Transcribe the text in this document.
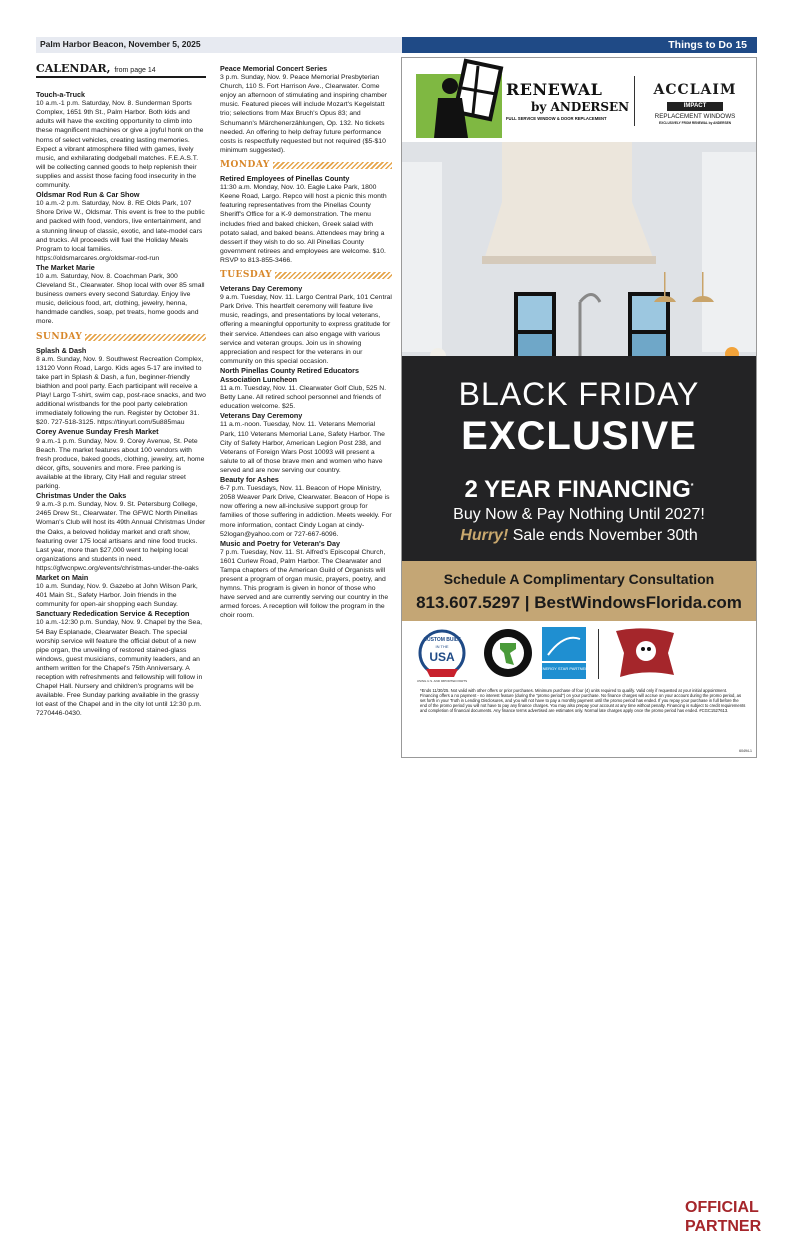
Palm Harbor Beacon, November 5, 2025	Things to Do 15
CALENDAR, from page 14

Touch-a-Truck

10 a.m.-1 p.m. Saturday, Nov. 8. Sunderman Sports Complex, 1651 9th St., Palm Harbor. Both kids and adults will have the exciting opportunity to climb into these magnificent machines or give a joyful honk on the horns of select vehicles, creating lasting memories. Expect a vibrant atmosphere filled with games, lively music, and exhilarating dodgeball matches. F.E.A.S.T. will be collecting canned goods to help replenish their supplies and assist those facing food insecurity in the community.

Oldsmar Rod Run & Car Show

10 a.m.-2 p.m. Saturday, Nov. 8. RE Olds Park, 107 Shore Drive W., Oldsmar. This event is free to the public and packed with food, vendors, live entertainment, and a stunning lineup of classic, exotic, and late-model cars and trucks. All proceeds will fuel the Holiday Meals Program to local families. https://oldsmarcares.org/oldsmar-rod-run

The Market Marie

10 a.m. Saturday, Nov. 8. Coachman Park, 300 Cleveland St., Clearwater. Shop local with over 85 small business owners every second Saturday. Enjoy live music, delicious food, art, clothing, jewelry, henna, handmade candles, soap, pet treats, home goods and more.

SUNDAY

Splash & Dash

8 a.m. Sunday, Nov. 9. Southwest Recreation Complex, 13120 Vonn Road, Largo. Kids ages 5-17 are invited to take part in Splash & Dash, a fun, beginner-friendly biathlon and pool party. Each participant will receive a Play! Largo T-shirt, swim cap, post-race snacks, and two additional wristbands for the pool party celebration immediately following the run. Register by October 31. $20. 727-518-3125. https://tinyurl.com/5u885mau

Corey Avenue Sunday Fresh Market

9 a.m.-1 p.m. Sunday, Nov. 9. Corey Avenue, St. Pete Beach. The market features about 100 vendors with fresh produce, baked goods, clothing, jewelry, art, home décor, gifts, souvenirs and more. Free parking is available at the library, City Hall and regular street parking.

Christmas Under the Oaks

9 a.m.-3 p.m. Sunday, Nov. 9. St. Petersburg College, 2465 Drew St., Clearwater. The GFWC North Pinellas Woman's Club will host its 49th Annual Christmas Under the Oaks, a beloved holiday market and craft show, featuring over 175 local artisans and nine food trucks. Last year, more than $27,000 went to helping local organizations and students in need. https://gfwcnpwc.org/events/christmas-under-the-oaks

Market on Main

10 a.m. Sunday, Nov. 9. Gazebo at John Wilson Park, 401 Main St., Safety Harbor. Join friends in the community for open-air shopping each Sunday.

Sanctuary Rededication Service & Reception

10 a.m.-12:30 p.m. Sunday, Nov. 9. Chapel by the Sea, 54 Bay Esplanade, Clearwater Beach. The special worship service will feature the official debut of a new pipe organ, the unveiling of restored stained-glass windows, guest musicians, community leaders, and an anthem written for the Chapel's 75th Anniversary. A reception with refreshments and fellowship will follow in Chapel Hall. Nursery and children's programs will be available. Free Sunday parking available in the grassy lot east of the Chapel and in the city lot until 12:30 p.m. 7270446-0430.

Peace Memorial Concert Series

3 p.m. Sunday, Nov. 9. Peace Memorial Presbyterian Church, 110 S. Fort Harrison Ave., Clearwater. Come enjoy an afternoon of stimulating and inspiring chamber music. Featured pieces will include Mozart's Kegelstatt trio; selections from Max Bruch's Opus 83; and Schumann's Märchenerzählungen, Op. 132. No tickets needed. An offering to help defray future performance costs is respectfully requested but not required ($5-$10 minimum suggested).

MONDAY

Retired Employees of Pinellas County

11:30 a.m. Monday, Nov. 10. Eagle Lake Park, 1800 Keene Road, Largo. Repco will host a picnic this month featuring representatives from the Pinellas County Sheriff's Office for a K-9 demonstration. The menu includes fried and baked chicken, Greek salad with potato salad, and baked beans. Attendees may bring a dessert if they wish to do so. All Pinellas County government retirees and employees are welcome. $10. RSVP to 813-855-3466.

TUESDAY

Veterans Day Ceremony

9 a.m. Tuesday, Nov. 11. Largo Central Park, 101 Central Park Drive. This heartfelt ceremony will feature live music, readings, and presentations by local veterans, offering a meaningful opportunity to express gratitude for their service. Attendees can also engage with various service and veteran groups. Join us in showing appreciation and respect for the veterans in our community on this special occasion.

North Pinellas County Retired Educators Association Luncheon

11 a.m. Tuesday, Nov. 11. Clearwater Golf Club, 525 N. Betty Lane. All retired school personnel and friends of education welcome. $25.

Veterans Day Ceremony

11 a.m.-noon. Tuesday, Nov. 11. Veterans Memorial Park, 110 Veterans Memorial Lane, Safety Harbor. The City of Safety Harbor, American Legion Post 238, and Veterans of Foreign Wars Post 10093 will present a salute to all of those brave men and women who have served and are now serving our country.

Beauty for Ashes

6-7 p.m. Tuesdays, Nov. 11. Beacon of Hope Ministry, 2058 Weaver Park Drive, Clearwater. Beacon of Hope is now offering a new all-inclusive support group for families of those suffering in addiction. Meets weekly. For more information, contact Cindy Logan at cindy-52logan@yahoo.com or 727-667-6096.

Music and Poetry for Veteran's Day

7 p.m. Tuesday, Nov. 11. St. Alfred's Episcopal Church, 1601 Curlew Road, Palm Harbor. The Clearwater and Tampa chapters of the American Guild of Organists will present a program of organ music, prayers, poetry, and hymns. This program is given in honor of those who have served and are currently serving our country in the armed forces. A reception will follow the program in the choir room.

RENEWAL
by ANDERSEN
FULL SERVICE WINDOW & DOOR REPLACEMENT
ACCLAIM
IMPACT
REPLACEMENT WINDOWS
EXCLUSIVELY FROM RENEWAL by ANDERSEN
BLACK FRIDAY
EXCLUSIVE
2 YEAR FINANCING*
Buy Now & Pay Nothing Until 2027!
Hurry! Sale ends November 30th
Schedule A Complimentary Consultation
813.607.5297 | BestWindowsFlorida.com
CUSTOM BUILT
IN THE
USA
USING U.S. AND IMPORTED PARTS
ENERGY STAR PARTNER
OFFICIAL
PARTNER
*Ends 11/30/25. Not valid with other offers or prior purchases. Minimum purchase of four (4) units required to qualify. Valid only if requested at your initial appointment. Financing offers a no payment - no interest feature (during the "promo period") on your purchase. No finance charges will accrue on your account during the promo period, as set forth in your Truth in Lending Disclosures, and you will not have to pay a monthly payment until the promo period has ended. If you repay your purchase in full before the end of the promo period you will not have to pay any finance charges. You may also prepay your account at any time without penalty. Financing is subject to credit requirements and completion of financial documents. Any finance terms advertised are estimates only. Normal late charges apply once the promo period has ended. #CGC1527613.
60494-1
